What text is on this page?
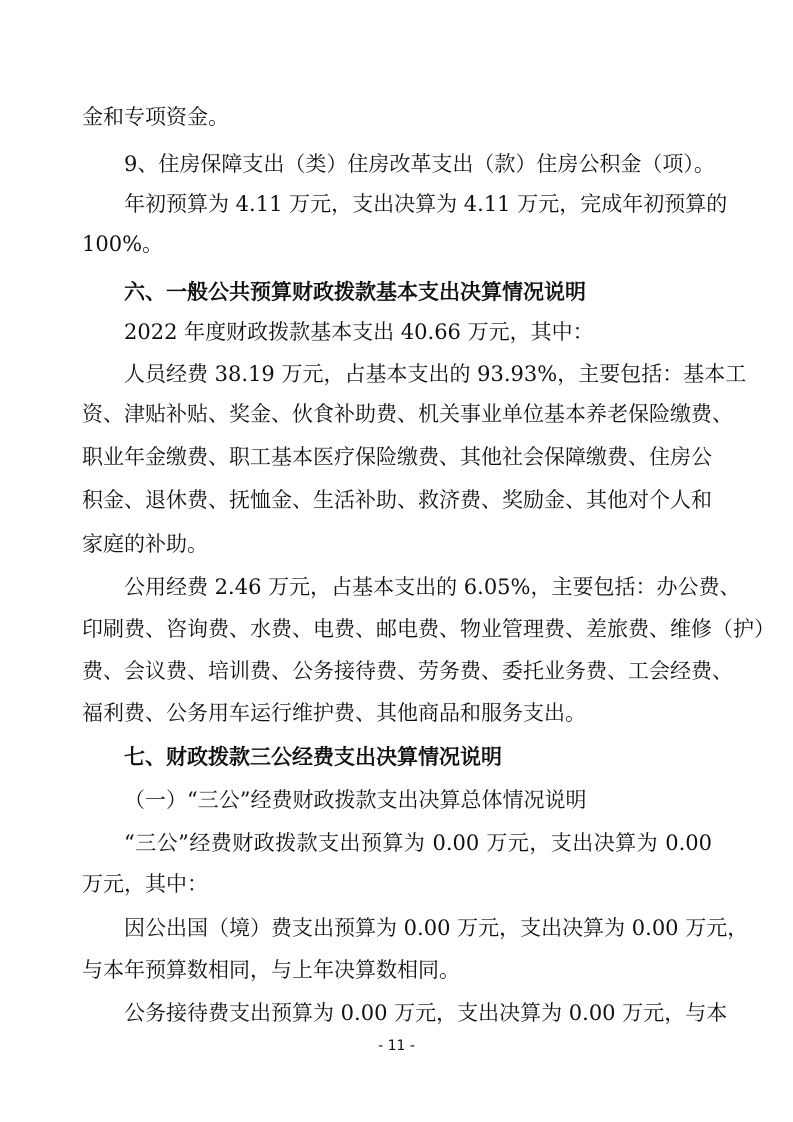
金和专项资金。
9、住房保障支出（类）住房改革支出（款）住房公积金（项）。
年初预算为 4.11 万元，支出决算为 4.11 万元，完成年初预算的
100%。
六、一般公共预算财政拨款基本支出决算情况说明
2022 年度财政拨款基本支出 40.66 万元，其中：
人员经费 38.19 万元，占基本支出的 93.93%，主要包括：基本工
资、津贴补贴、奖金、伙食补助费、机关事业单位基本养老保险缴费、
职业年金缴费、职工基本医疗保险缴费、其他社会保障缴费、住房公
积金、退休费、抚恤金、生活补助、救济费、奖励金、其他对个人和
家庭的补助。
公用经费 2.46 万元，占基本支出的 6.05%，主要包括：办公费、
印刷费、咨询费、水费、电费、邮电费、物业管理费、差旅费、维修（护）
费、会议费、培训费、公务接待费、劳务费、委托业务费、工会经费、
福利费、公务用车运行维护费、其他商品和服务支出。
七、财政拨款三公经费支出决算情况说明
（一）“三公”经费财政拨款支出决算总体情况说明
“三公”经费财政拨款支出预算为 0.00 万元，支出决算为 0.00
万元，其中：
因公出国（境）费支出预算为 0.00 万元，支出决算为 0.00 万元，
与本年预算数相同，与上年决算数相同。
公务接待费支出预算为 0.00 万元，支出决算为 0.00 万元，与本
- 11 -
